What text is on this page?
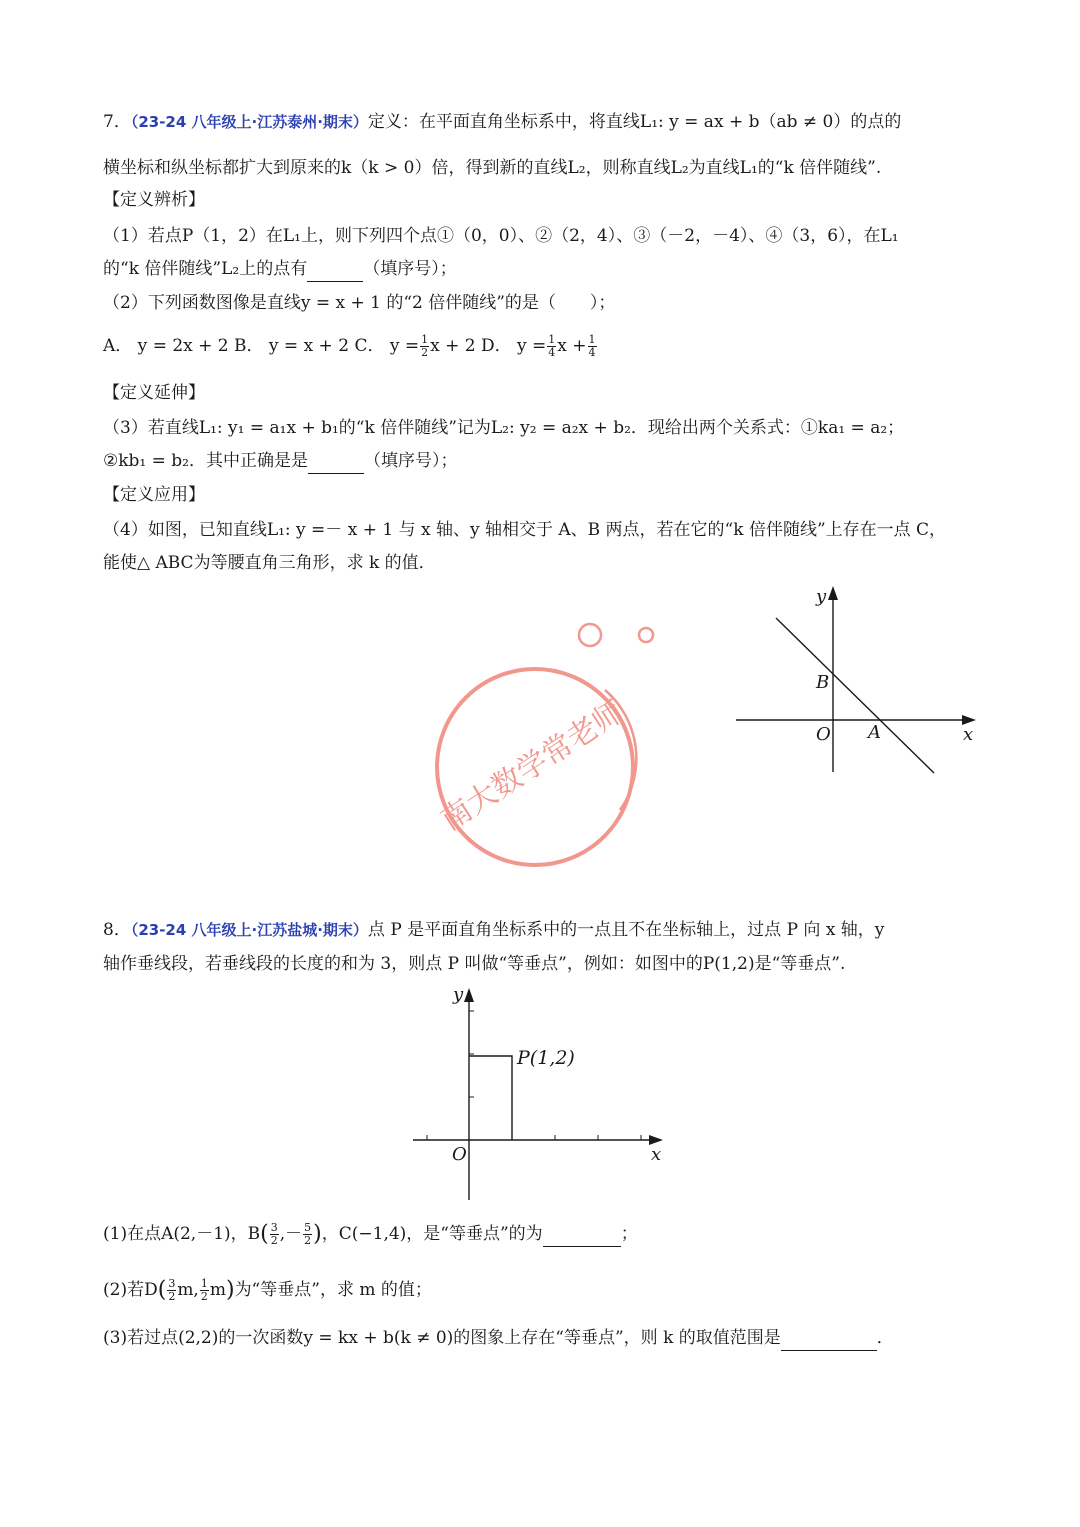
7．（23-24 八年级上·江苏泰州·期末）定义：在平面直角坐标系中，将直线L₁: y = ax + b（ab ≠ 0）的点的
横坐标和纵坐标都扩大到原来的k（k > 0）倍，得到新的直线L₂，则称直线L₂为直线L₁的“k 倍伴随线”.
【定义辨析】
（1）若点P（1，2）在L₁上，则下列四个点①（0，0）、②（2，4）、③（－2，－4）、④（3，6），在L₁
的“k 倍伴随线”L₂上的点有	（填序号）；
（2）下列函数图像是直线y = x + 1 的“2 倍伴随线”的是（　　）；
A． y = 2x + 2 B． y = x + 2 C． $y = \frac{1}{2}$ x + 2 D． $y = \frac{1}{4}$ $x + \frac{1}{4}$
【定义延伸】
（3）若直线L₁: y₁ = a₁x + b₁的“k 倍伴随线”记为L₂: y₂ = a₂x + b₂．现给出两个关系式：①ka₁ = a₂；
②kb₁ = b₂．其中正确是是	（填序号）；
【定义应用】
（4）如图，已知直线L₁: y =－ x + 1 与 x 轴、y 轴相交于 A、B 两点，若在它的“k 倍伴随线”上存在一点 C，
能使△ ABC为等腰直角三角形，求 k 的值．
y
x
O A
B
南大数学常老师
8．（23-24 八年级上·江苏盐城·期末）点 P 是平面直角坐标系中的一点且不在坐标轴上，过点 P 向 x 轴，y
轴作垂线段，若垂线段的长度的和为 3，则点 P 叫做“等垂点”，例如：如图中的P(1,2)是“等垂点”.
y
x
O
P(1,2)
(1)在点A(2,－1)，$B( \frac{3}{2}$ ,－ $\frac{5}{2}$ )，C(−1,4)，是“等垂点”的为	；
(2)若$D( \frac{3}{2} m$, $\frac{1}{2} m$)为“等垂点”，求 m 的值；
(3)若过点(2,2)的一次函数y = kx + b(k ≠ 0)的图象上存在“等垂点”，则 k 的取值范围是	．
